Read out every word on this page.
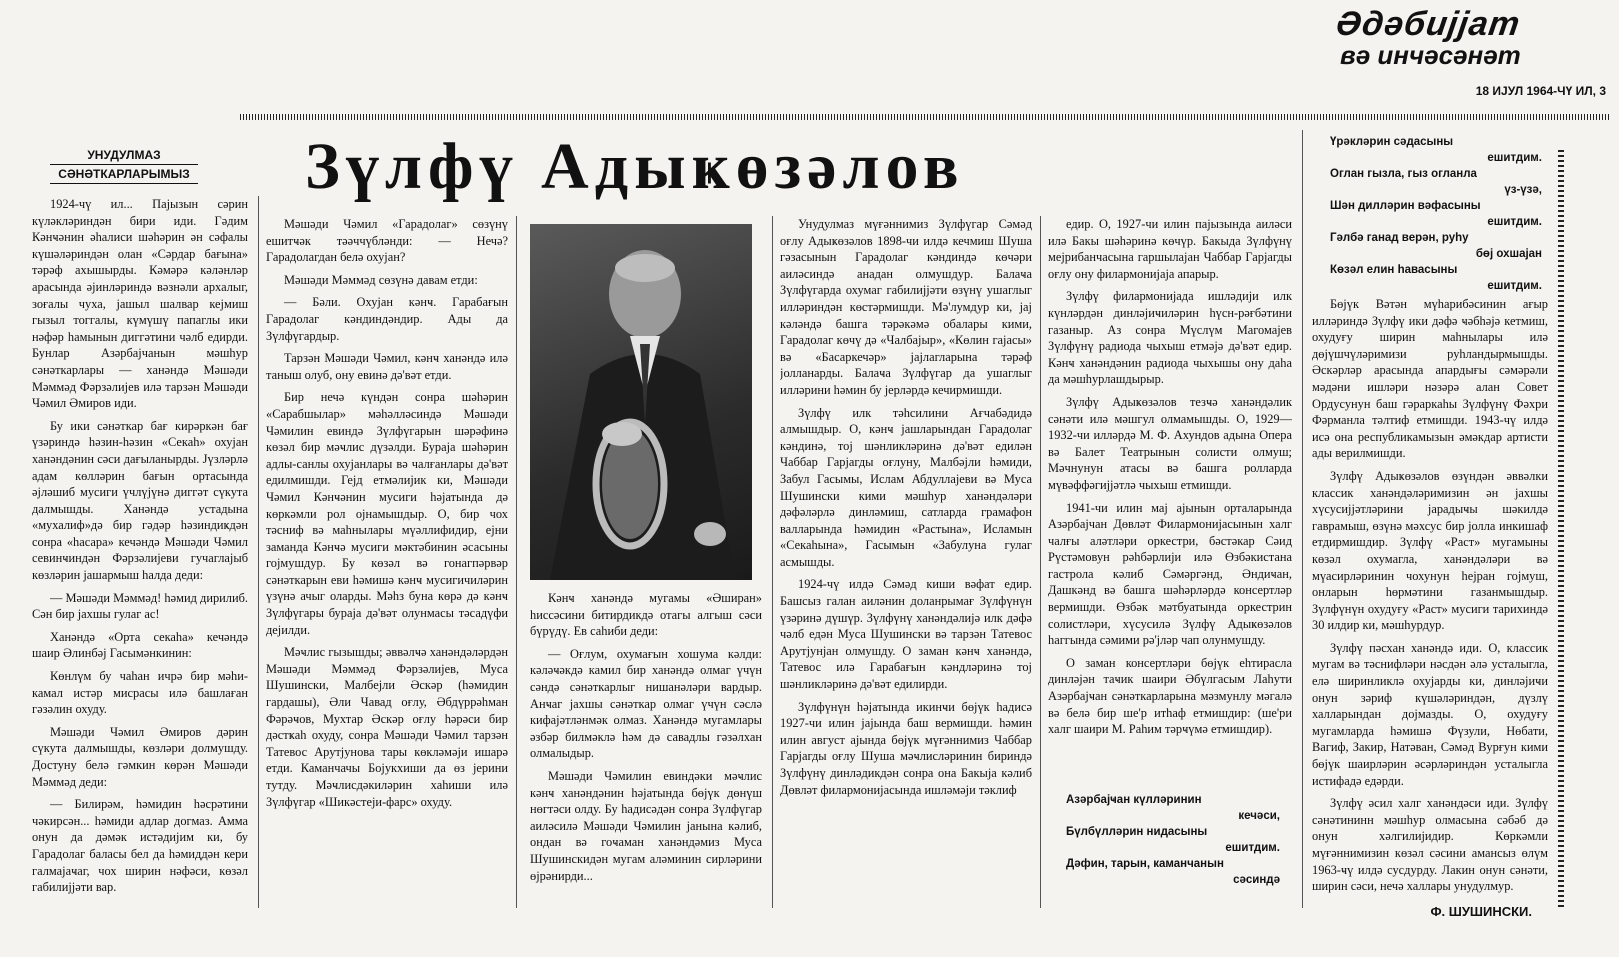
Әдәбијјат
вә инчәсәнәт
18 ИЈУЛ 1964-ЧҮ ИЛ, 3
УНУДУЛМАЗ
СӘНӘТКАРЛАРЫМЫЗ Зүлфү Адыҝөзәлов

1924-чү ил... Пајызын сәрин күләкләриндән бири иди. Гәдим Кәнҹәнин әһалиси шәһәрин ән сәфалы күшәләриндән олан «Сәрдар бағына» тәрәф ахышырды. Кәмәрә кәләнләр арасында әјинләриндә вәзнәли архалыг, зоғалы чуха, јашыл шалвар кејмиш гызыл тоггалы, күмүшү папаглы ики нәфәр һамынын диггәтини чәлб едирди. Бунлар Азәрбајчанын мәшһур сәнәткарлары — ханәндә Мәшәди Мәммәд Фәрзәлијев илә тарзән Мәшәди Чәмил Әмиров иди.

Бу ики сәнәткар бағ кирәркән бағ үзәриндә һәзин-һәзин «Секаһ» охујан ханәндәнин сәси дағыланырды. Јүзләрлә адам көлләрин бағын ортасында әјләшиб мусиги үчлүјүнә диггәт сүкута далмышды. Ханәндә устадына «мухалиф»дә бир гәдәр һәзиндиҝдән сонра «һасара» кечәндә Мәшәди Чәмил севинҹиндән Фәрзәлијеви гучаглајыб көзләрин јашармыш һалда деди:

— Мәшәди Мәммәд! һәмид дирилиб. Сән бир јахшы гулаг ас!

Ханәндә «Орта секаһа» кечәндә шаир Әлинбәј Гасымәнкинин:

Көнлүм бу чаһан ичрә бир мәһи-камал истәр мисрасы илә башлаған гәзәлин охуду.

Мәшәди Чәмил Әмиров дәрин сүкута далмышды, көзләри долмушду. Достуну белә гәмкин көрән Мәшәди Мәммәд деди:

— Билирәм, һәмидин һәсрәтини чәкирсән... һәмиди адлар догмаз. Амма онун да дәмәк истәдијим ки, бу Гарадолаг баласы бел да һәмиддән кери галмајаҹаг, чох ширин нәфәси, көзәл габилијјәти вар.

Мәшәди Чәмил «Гарадолаг» сөзүнү ешитҹәк тәәччүбләнди: — Нечә? Гарадолагдан белә охујан?

Мәшәди Мәммәд сөзүнә давам етди:

— Бәли. Охујан кәнҹ. Гарабағын Гарадолаг кәндиндәндир. Ады да Зүлфүгардыр.

Тарзән Мәшәди Чәмил, кәнҹ ханәндә илә таныш олуб, ону евинә дә'вәт етди.

Бир нечә күндән сонра шәһәрин «Сарабшылар» мәһәлләсиндә Мәшәди Чәмилин евиндә Зүлфүгарын шәрәфинә көзәл бир мәҹлис дүзәлди. Бураја шәһәрин адлы-санлы охујанлары вә чалғанлары дә'вәт едилмишди. Гејд етмәлијик ки, Мәшәди Чәмил Кәнҹәнин мусиги һәјатында дә көркәмли рол ојнамышдыр. О, бир чох тәсниф вә маһнылары мүәллифидир, ејни заманда Кәнҹә мусиги мәктәбинин әсасыны гојмушдур. Бу көзәл вә гонагпәрвәр сәнәткарын еви һәмишә кәнҹ мусигичиләрин үзүнә ачыг оларды. Мәһз буна көрә дә кәнҹ Зүлфүгары бураја дә'вәт олунмасы тәсадүфи дејилди.

Мәҹлис гызышды; әввәлҹә ханәндәләрдән Мәшәди Мәммәд Фәрзәлијев, Муса Шушински, Малбејли Әскәр (һәмидин гардашы), Әли Чавад оғлу, Әбдүррәһман Фәрәҹов, Мухтар Әскәр оғлу һәрәси бир дәстҝаһ охуду, сонра Мәшәди Чәмил тарзән Татевос Арутјунова тары көкләмәји ишарә етди. Каманчачы Бојукхиши да өз јерини тутду. Мәҹлисдәкиләрин хаһиши илә Зүлфүгар «Шикәстеји-фарс» охуду.

Кәнҹ ханәндә мугамы «Әширан» һиссәсини битирдикдә отагы алгыш сәси бүрүдү. Ев саһиби деди:

— Оғлум, охумағын хошума кәлди: кәләҹәкдә камил бир ханәндә олмаг үчүн сәндә сәнәткарлыг нишанәләри вардыр. Анҹаг јахшы сәнәткар олмаг үчүн сәслә кифајәтләнмәк олмаз. Ханәндә мугамлары әзбәр билмәклә һәм дә савадлы гәзәлхан олмалыдыр.

Мәшәди Чәмилин евиндәки мәҹлис кәнҹ ханәндәнин һәјатында бөјүк дөнүш нөгтәси олду. Бу һадисәдән сонра Зүлфүгар аиләсилә Мәшәди Чәмилин јанына кәлиб, ондан вә гоҹаман ханәндәмиз Муса Шушинскидән мугам аләминин сирләрини өјрәнирди...

Унудулмаз мүғәннимиз Зүлфүгар Сәмәд оғлу Адыҝөзәлов 1898-чи илдә кечмиш Шуша гәзасынын Гарадолаг кәндиндә көчәри аиләсиндә анадан олмушдур. Балаҹа Зүлфүгарда охумаг габилијјәти өзүнү ушаглыг илләриндән көстәрмишди. Мә'лумдур ки, јај кәләндә башга тәрәкәмә обалары кими, Гарадолаг көчү дә «Чалбајыр», «Көлин гајасы» вә «Басаркечәр» јајлагларына тәрәф јолланарды. Балаҹа Зүлфүгар да ушаглыг илләрини һәмин бу јерләрдә кечирмишди.

Зүлфү илк тәһсилини Ағчабәдидә алмышдыр. О, кәнҹ јашларындан Гарадолаг кәндинә, тој шәнликләринә дә'вәт едилән Чаббар Гарјагды оғлуну, Малбәјли һәмиди, Забул Гасымы, Ислам Абдуллајеви вә Муса Шушински кими мәшһур ханәндәләри дәфәләрлә динләмиш, сатларда грамафон валларында һәмидин «Растына», Исламын «Секаһына», Гасымын «Забулуна гулаг асмышды.

1924-чү илдә Сәмәд киши вәфат едир. Башсыз галан аиләнин доланрымағ Зүлфүнүн үзәринә дүшүр. Зүлфүнү ханәндәлијә илк дәфә чәлб едән Муса Шушински вә тарзән Татевос Арутјунјан олмушду. О заман кәнҹ ханәндә, Татевос илә Гарабағын кәндләринә тој шәнликләринә дә'вәт едилирди.

Зүлфүнүн һәјатында икинҹи бөјүк һадисә 1927-чи илин јајында баш вермишди. һәмин илин август ајында бөјүк мүғәннимиз Чаббар Гарјагды оғлу Шуша мәҹлисләринин бириндә Зүлфүнү динләдикдән сонра она Бакыја кәлиб Дөвләт филармонијасында ишләмәји тәклиф

едир. О, 1927-чи илин пајызында аиләси илә Бакы шәһәринә көчүр. Бакыда Зүлфүнү мејрибанчасына гаршылајан Чаббар Гарјагды оғлу ону филармонијаја апарыр.

Зүлфү филармонијада ишләдији илк күнләрдән динләјиҹиләрин һүсн-рәғбәтини газаныр. Аз сонра Мүслүм Магомајев Зүлфүнү радиода чыхыш етмәјә дә'вәт едир. Кәнҹ ханәндәнин радиода чыхышы ону даһа да мәшһурлашдырыр.

Зүлфү Адыҝөзәлов тезҹә ханәндәлик сәнәти илә мәшгул олмамышды. О, 1929—1932-чи илләрдә М. Ф. Ахундов адына Опера вә Балет Театрынын солисти олмуш; Мәчнунун атасы вә башга ролларда мүвәффәгијјәтлә чыхыш етмишди.

1941-чи илин мај ајынын орталарында Азәрбајчан Дөвләт Филармонијасынын халг чалғы аләтләри оркестри, бәстәкар Сәид Рүстәмовун рәһбәрлији илә Өзбәкистана гастрола кәлиб Сәмәргәнд, Әндиҹан, Дашкәнд вә башга шәһәрләрдә консертләр вермишди. Өзбәк мәтбуатында оркестрин солистләри, хүсусилә Зүлфү Адыҝөзәлов һаггында сәмими рә'јләр чап олунмушду.

О заман консертләри бөјүк еһтирасла динләјән таҹик шаири Әбүлгасым Лаһути Азәрбајҹан сәнәткарларына мәзмунлу мәгалә вә белә бир ше'р итһаф етмишдир: (ше'ри халг шаири М. Раһим тәрҹүмә етмишдир).

Азәрбајҹан күлләринин
кечәси,
Бүлбүлләрин нидасыны
ешитдим.
Дәфин, тарын, каманчанын
сәсиндә
Үрәкләрин сәдасыны
ешитдим.
Оглан гызла, гыз огланла
үз-үзә,
Шән дилләрин вәфасыны
ешитдим.
Гәлбә ганад верән, руһу
бөј охшајан
Көзәл елин һавасыны
ешитдим.

Бөјүк Вәтән мүһарибәсинин ағыр илләриндә Зүлфү ики дәфә ҹәбһәјә кетмиш, охудуғу ширин маһнылары илә дөјүшчүләримизи руһландырмышды. Әскәрләр арасында апардығы сәмәрәли мәдәни ишләри нәзәрә алан Совет Ордусунун баш гәраркаһы Зүлфүнү Фәхри Фәрманла тәлтиф етмишди. 1943-чү илдә исә она республикамызын әмәкдар артисти ады верилмишди.

Зүлфү Адыҝөзәлов өзүндән әввәлки классик ханәндәләримизин ән јахшы хүсусијјәтләрини јарадыҹы шәкилдә гаврамыш, өзүнә мәхсус бир јолла инкишаф етдирмишдир. Зүлфү «Раст» мугамыны көзәл охумаглa, ханәндәләри вә мүасирләринин чохунун һејран гојмуш, онларын һөрмәтини газанмышдыр. Зүлфүнүн охудуғу «Раст» мусиги тарихиндә 30 илдир ки, мәшһурдур.

Зүлфү пәсхан ханәндә иди. О, классик мугам вә тәснифләри нәсдән әлә усталыгла, елә ширинликлә охујарды ки, динләјиҹи онун зәриф күшәләриндән, дүзлү халларындан дојмазды. О, охудуғу мугамларда һәмишә Фүзули, Нөбати, Вагиф, Закир, Натәван, Сәмәд Вурғун кими бөјүк шаирләрин әсәрләриндән усталыгла истифадә едәрди.

Зүлфү әсил халг ханәндәси иди. Зүлфү сәнәтининн мәшһур олмасына сәбәб дә онун хәлгилијидир. Көркәмли мүғәннимизин көзәл сәсини амансыз өлүм 1963-ҹү илдә сусдурду. Лакин онун сәнәти, ширин сәси, нечә халлары унудулмур.

Ф. ШУШИНСКИ.
